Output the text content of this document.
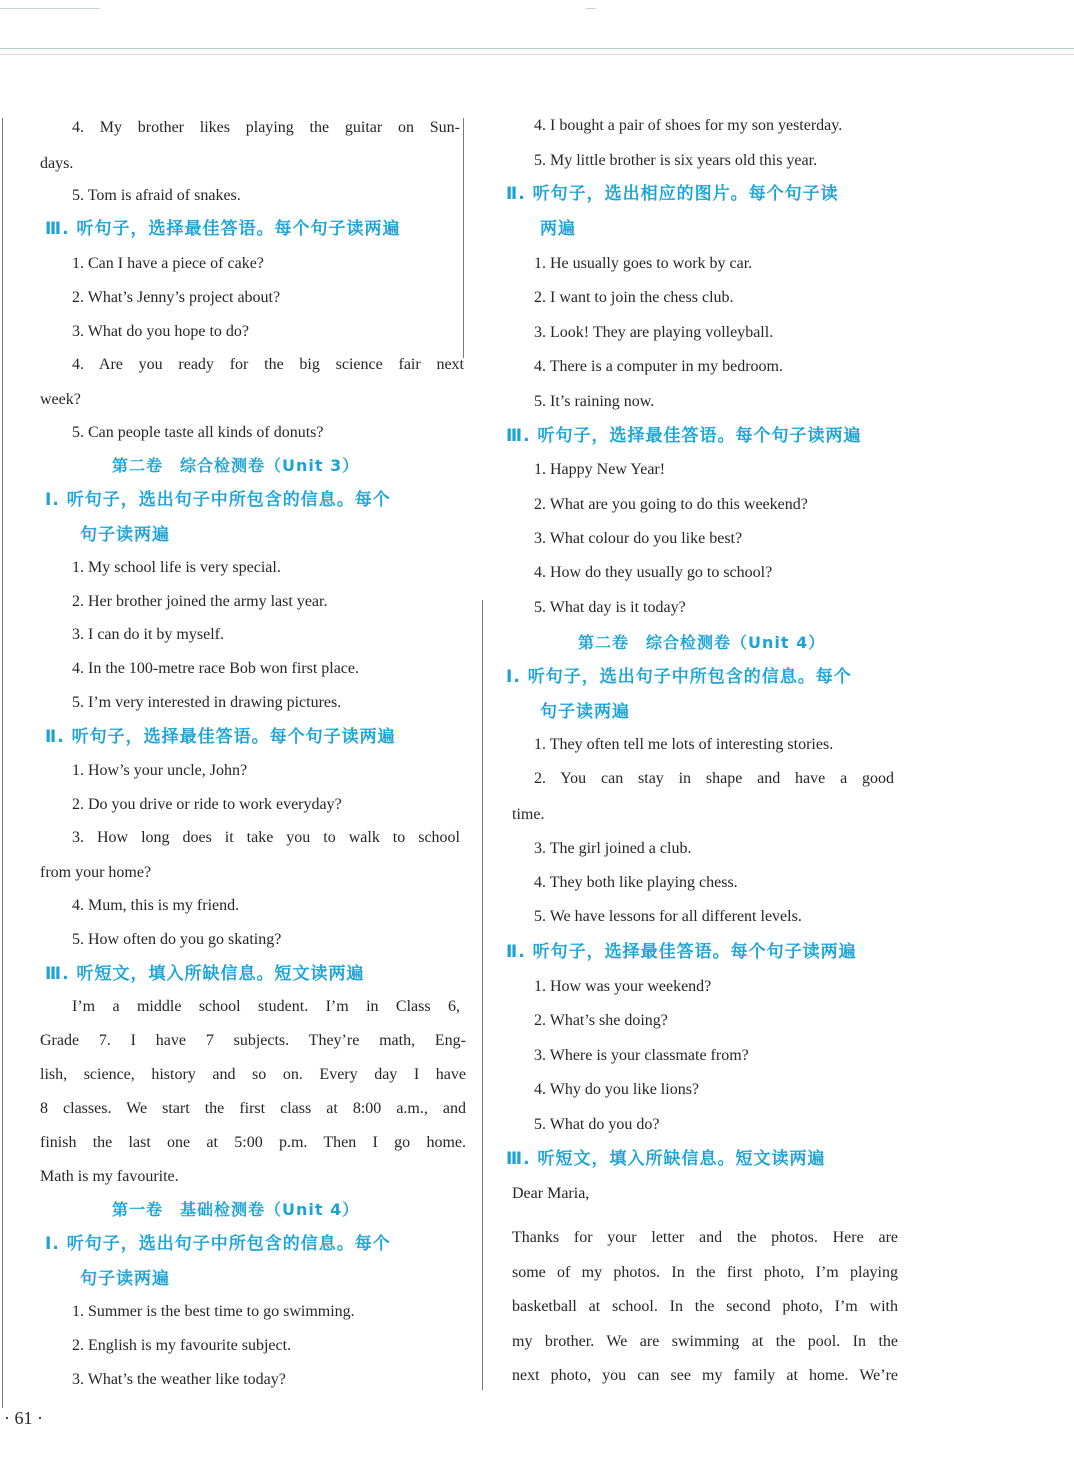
4. My brother likes playing the guitar on Sun-
days.
5. Tom is afraid of snakes.
Ⅲ. 听句子，选择最佳答语。每个句子读两遍
1. Can I have a piece of cake?
2. What’s Jenny’s project about?
3. What do you hope to do?
4. Are you ready for the big science fair next
week?
5. Can people taste all kinds of donuts?
第二卷　综合检测卷（Unit 3）
Ⅰ. 听句子，选出句子中所包含的信息。每个
句子读两遍
1. My school life is very special.
2. Her brother joined the army last year.
3. I can do it by myself.
4. In the 100-metre race Bob won first place.
5. I’m very interested in drawing pictures.
Ⅱ. 听句子，选择最佳答语。每个句子读两遍
1. How’s your uncle, John?
2. Do you drive or ride to work everyday?
3. How long does it take you to walk to school
from your home?
4. Mum, this is my friend.
5. How often do you go skating?
Ⅲ. 听短文，填入所缺信息。短文读两遍
I’m a middle school student. I’m in Class 6,
Grade 7. I have 7 subjects. They’re math, Eng-
lish, science, history and so on. Every day I have
8 classes. We start the first class at 8:00 a.m., and
finish the last one at 5:00 p.m. Then I go home.
Math is my favourite.
第一卷　基础检测卷（Unit 4）
Ⅰ. 听句子，选出句子中所包含的信息。每个
句子读两遍
1. Summer is the best time to go swimming.
2. English is my favourite subject.
3. What’s the weather like today?
4. I bought a pair of shoes for my son yesterday.
5. My little brother is six years old this year.
Ⅱ. 听句子，选出相应的图片。每个句子读
两遍
1. He usually goes to work by car.
2. I want to join the chess club.
3. Look! They are playing volleyball.
4. There is a computer in my bedroom.
5. It’s raining now.
Ⅲ. 听句子，选择最佳答语。每个句子读两遍
1. Happy New Year!
2. What are you going to do this weekend?
3. What colour do you like best?
4. How do they usually go to school?
5. What day is it today?
第二卷　综合检测卷（Unit 4）
Ⅰ. 听句子，选出句子中所包含的信息。每个
句子读两遍
1. They often tell me lots of interesting stories.
2. You can stay in shape and have a good
time.
3. The girl joined a club.
4. They both like playing chess.
5. We have lessons for all different levels.
Ⅱ. 听句子，选择最佳答语。每个句子读两遍
1. How was your weekend?
2. What’s she doing?
3. Where is your classmate from?
4. Why do you like lions?
5. What do you do?
Ⅲ. 听短文，填入所缺信息。短文读两遍
Dear Maria,
Thanks for your letter and the photos. Here are
some of my photos. In the first photo, I’m playing
basketball at school. In the second photo, I’m with
my brother. We are swimming at the pool. In the
next photo, you can see my family at home. We’re
· 61 ·
